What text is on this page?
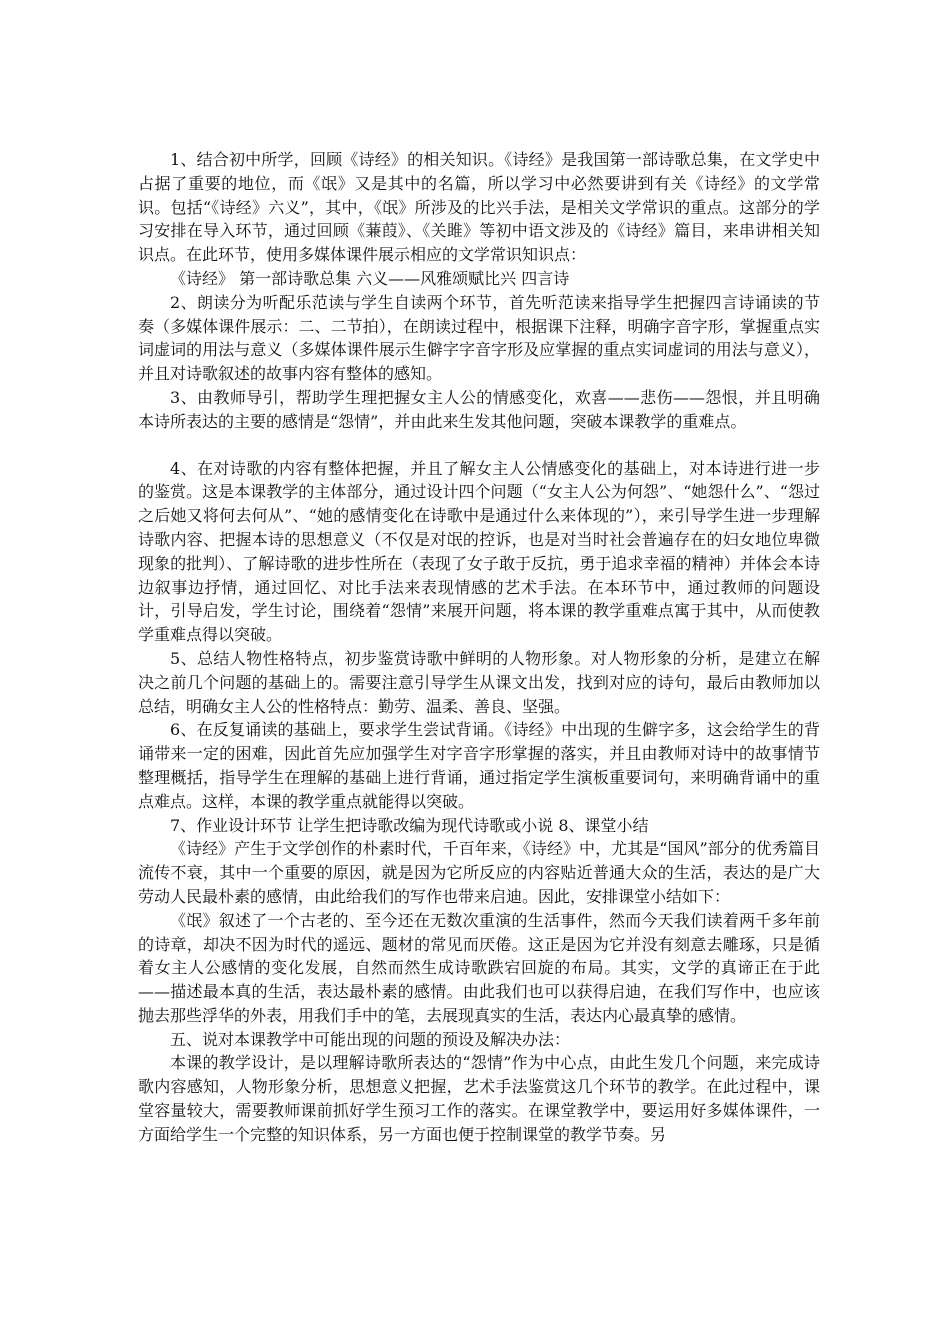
1、结合初中所学，回顾《诗经》的相关知识。《诗经》是我国第一部诗歌总集，在文学史中占据了重要的地位，而《氓》又是其中的名篇，所以学习中必然要讲到有关《诗经》的文学常识。包括“《诗经》六义”，其中，《氓》所涉及的比兴手法，是相关文学常识的重点。这部分的学习安排在导入环节，通过回顾《蒹葭》、《关雎》等初中语文涉及的《诗经》篇目，来串讲相关知识点。在此环节，使用多媒体课件展示相应的文学常识知识点：

《诗经》 第一部诗歌总集 六义——风雅颂赋比兴 四言诗

2、朗读分为听配乐范读与学生自读两个环节，首先听范读来指导学生把握四言诗诵读的节奏（多媒体课件展示：二、二节拍），在朗读过程中，根据课下注释，明确字音字形，掌握重点实词虚词的用法与意义（多媒体课件展示生僻字字音字形及应掌握的重点实词虚词的用法与意义），并且对诗歌叙述的故事内容有整体的感知。

3、由教师导引，帮助学生理把握女主人公的情感变化，欢喜——悲伤——怨恨，并且明确本诗所表达的主要的感情是“怨情”，并由此来生发其他问题，突破本课教学的重难点。

4、在对诗歌的内容有整体把握，并且了解女主人公情感变化的基础上，对本诗进行进一步的鉴赏。这是本课教学的主体部分，通过设计四个问题（“女主人公为何怨”、“她怨什么”、“怨过之后她又将何去何从”、“她的感情变化在诗歌中是通过什么来体现的”），来引导学生进一步理解诗歌内容、把握本诗的思想意义（不仅是对氓的控诉，也是对当时社会普遍存在的妇女地位卑微现象的批判）、了解诗歌的进步性所在（表现了女子敢于反抗，勇于追求幸福的精神）并体会本诗边叙事边抒情，通过回忆、对比手法来表现情感的艺术手法。在本环节中，通过教师的问题设计，引导启发，学生讨论，围绕着“怨情”来展开问题，将本课的教学重难点寓于其中，从而使教学重难点得以突破。

5、总结人物性格特点，初步鉴赏诗歌中鲜明的人物形象。对人物形象的分析，是建立在解决之前几个问题的基础上的。需要注意引导学生从课文出发，找到对应的诗句，最后由教师加以总结，明确女主人公的性格特点：勤劳、温柔、善良、坚强。

6、在反复诵读的基础上，要求学生尝试背诵。《诗经》中出现的生僻字多，这会给学生的背诵带来一定的困难，因此首先应加强学生对字音字形掌握的落实，并且由教师对诗中的故事情节整理概括，指导学生在理解的基础上进行背诵，通过指定学生演板重要词句，来明确背诵中的重点难点。这样，本课的教学重点就能得以突破。

7、作业设计环节 让学生把诗歌改编为现代诗歌或小说 8、课堂小结

《诗经》产生于文学创作的朴素时代，千百年来，《诗经》中，尤其是“国风”部分的优秀篇目流传不衰，其中一个重要的原因，就是因为它所反应的内容贴近普通大众的生活，表达的是广大劳动人民最朴素的感情，由此给我们的写作也带来启迪。因此，安排课堂小结如下：

《氓》叙述了一个古老的、至今还在无数次重演的生活事件，然而今天我们读着两千多年前的诗章，却决不因为时代的遥远、题材的常见而厌倦。这正是因为它并没有刻意去雕琢，只是循着女主人公感情的变化发展，自然而然生成诗歌跌宕回旋的布局。其实，文学的真谛正在于此——描述最本真的生活，表达最朴素的感情。由此我们也可以获得启迪，在我们写作中，也应该抛去那些浮华的外表，用我们手中的笔，去展现真实的生活，表达内心最真挚的感情。

五、说对本课教学中可能出现的问题的预设及解决办法：

本课的教学设计，是以理解诗歌所表达的“怨情”作为中心点，由此生发几个问题，来完成诗歌内容感知，人物形象分析，思想意义把握，艺术手法鉴赏这几个环节的教学。在此过程中，课堂容量较大，需要教师课前抓好学生预习工作的落实。在课堂教学中，要运用好多媒体课件，一方面给学生一个完整的知识体系，另一方面也便于控制课堂的教学节奏。另
